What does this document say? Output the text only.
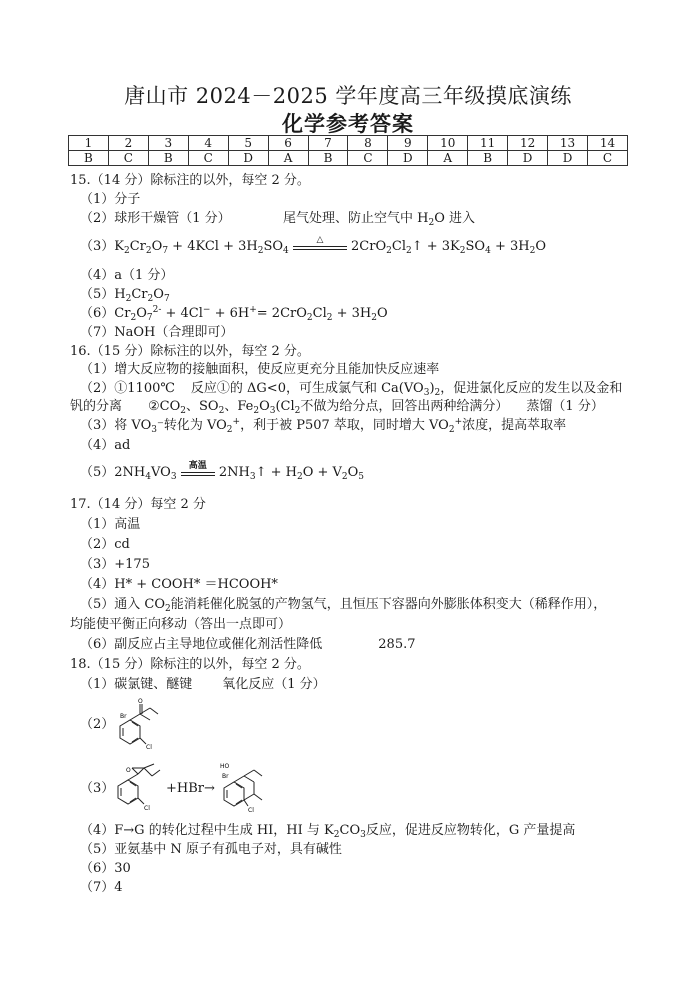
唐山市 2024－2025 学年度高三年级摸底演练
化学参考答案
1	2	3	4	5	6	7	8	9	10	11	12	13	14
B	C	B	C	D	A	B	C	D	A	B	D	D	C
15.（14 分）除标注的以外，每空 2 分。
（1）分子
（2）球形干燥管（1 分）	尾气处理、防止空气中 $H_2O$ 进入
$(3)K_2Cr_2O_7 + 4KCl + 3H_2SO_4$
△	$2CrO_2Cl_2↑ + 3K_2SO_4 + 3H_2O$
（4）a（1 分）
$(5)H_2Cr_2O_7$
$(6)Cr_2O_7^{2-} + 4Cl^- + 6H^+= 2CrO_2Cl_2 + 3H_2O$
（7）NaOH（合理即可）
16.（15 分）除标注的以外，每空 2 分。
（1）增大反应物的接触面积，使反应更充分且能加快反应速率
（2）①1100℃ 反应①的 ΔG<0，可生成氯气和 $Ca(VO_3)_2$，促进氯化反应的发生以及金和
钒的分离 $②CO_2$、$SO_2$、$Fe_2O_3(Cl_2$不做为给分点，回答出两种给满分） 蒸馏（1 分）
（3）将 $VO_3^-$转化为 $VO_2^+$，利于被 P507 萃取，同时增大 $VO_2^+$浓度，提高萃取率
（4）ad
$(5)2NH_4VO_3$
高温 $2NH_3↑ + H_2O + V_2O_5$
17.（14 分）每空 2 分
（1）高温
（2）cd
（3）+175
（4）H* + COOH* ＝HCOOH*
（5）通入 $CO_2$能消耗催化脱氢的产物氢气，且恒压下容器向外膨胀体积变大（稀释作用），
均能使平衡正向移动（答出一点即可）
（6）副反应占主导地位或催化剂活性降低	285.7
18.（15 分）除标注的以外，每空 2 分。
（1）碳氯键、醚键 氧化反应（1 分）
（2）
O
Br
Cl
（3）
O
Cl
+HBr→
HO
Br
Cl
（4）F→G 的转化过程中生成 HI，HI 与 $K_2CO_3$反应，促进反应物转化，G 产量提高
（5）亚氨基中 N 原子有孤电子对，具有碱性
（6）30
（7）4
